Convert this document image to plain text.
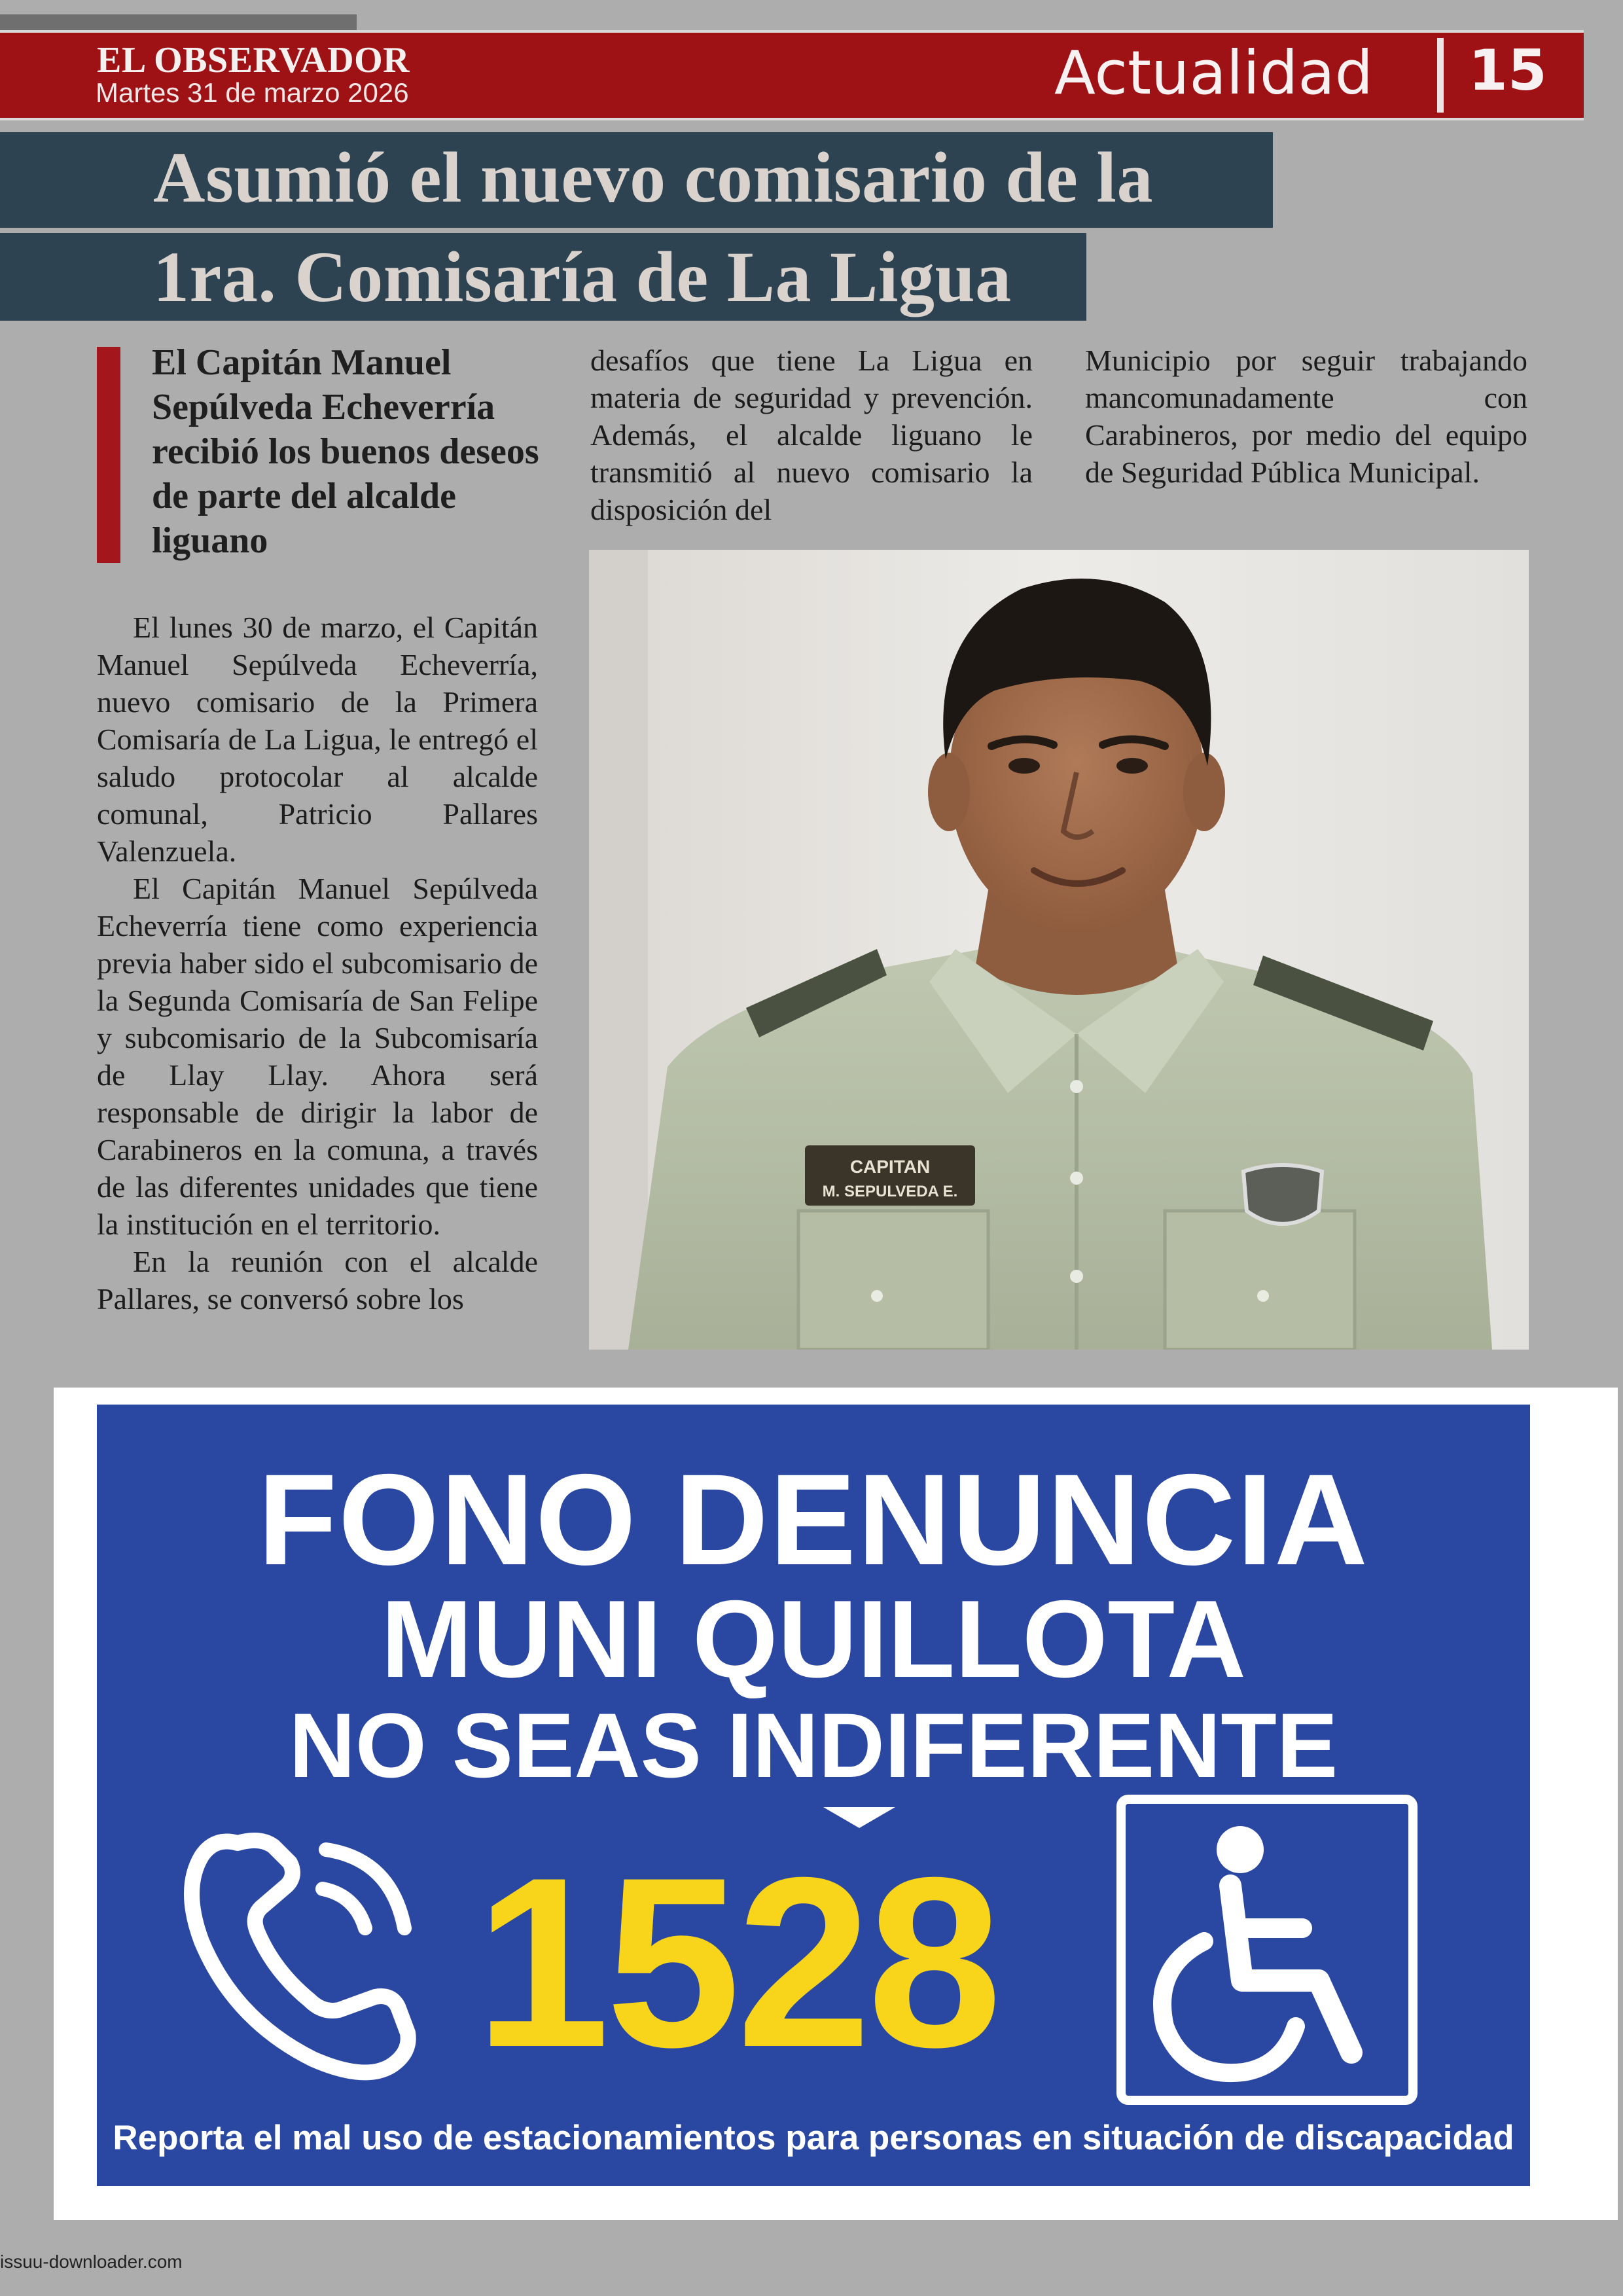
EL OBSERVADOR
Martes 31 de marzo 2026	Actualidad 15
Asumió el nuevo comisario de la
1ra. Comisaría de La Ligua
El Capitán Manuel Sepúlveda Echeverría recibió los buenos deseos de parte del alcalde liguano

El lunes 30 de marzo, el Capitán Manuel Sepúlveda Echeverría, nuevo comisario de la Primera Comisaría de La Ligua, le entregó el saludo protocolar al alcalde comunal, Patricio Pallares Valenzuela.

El Capitán Manuel Sepúlveda Echeverría tiene como experiencia previa haber sido el subcomisario de la Segunda Comisaría de San Felipe y subcomisario de la Subcomisaría de Llay Llay. Ahora será responsable de dirigir la labor de Carabineros en la comuna, a través de las diferentes unidades que tiene la institución en el territorio.

En la reunión con el alcalde Pallares, se conversó sobre los

desafíos que tiene La Ligua en materia de seguridad y prevención. Además, el alcalde liguano le transmitió al nuevo comisario la disposición del

Municipio por seguir trabajando mancomunadamente con Carabineros, por medio del equipo de Seguridad Pública Municipal.

CAPITAN
M. SEPULVEDA E.
FONO DENUNCIA
MUNI QUILLOTA
NO SEAS INDIFERENTE
1528
Reporta el mal uso de estacionamientos para personas en situación de discapacidad
issuu-downloader.com
